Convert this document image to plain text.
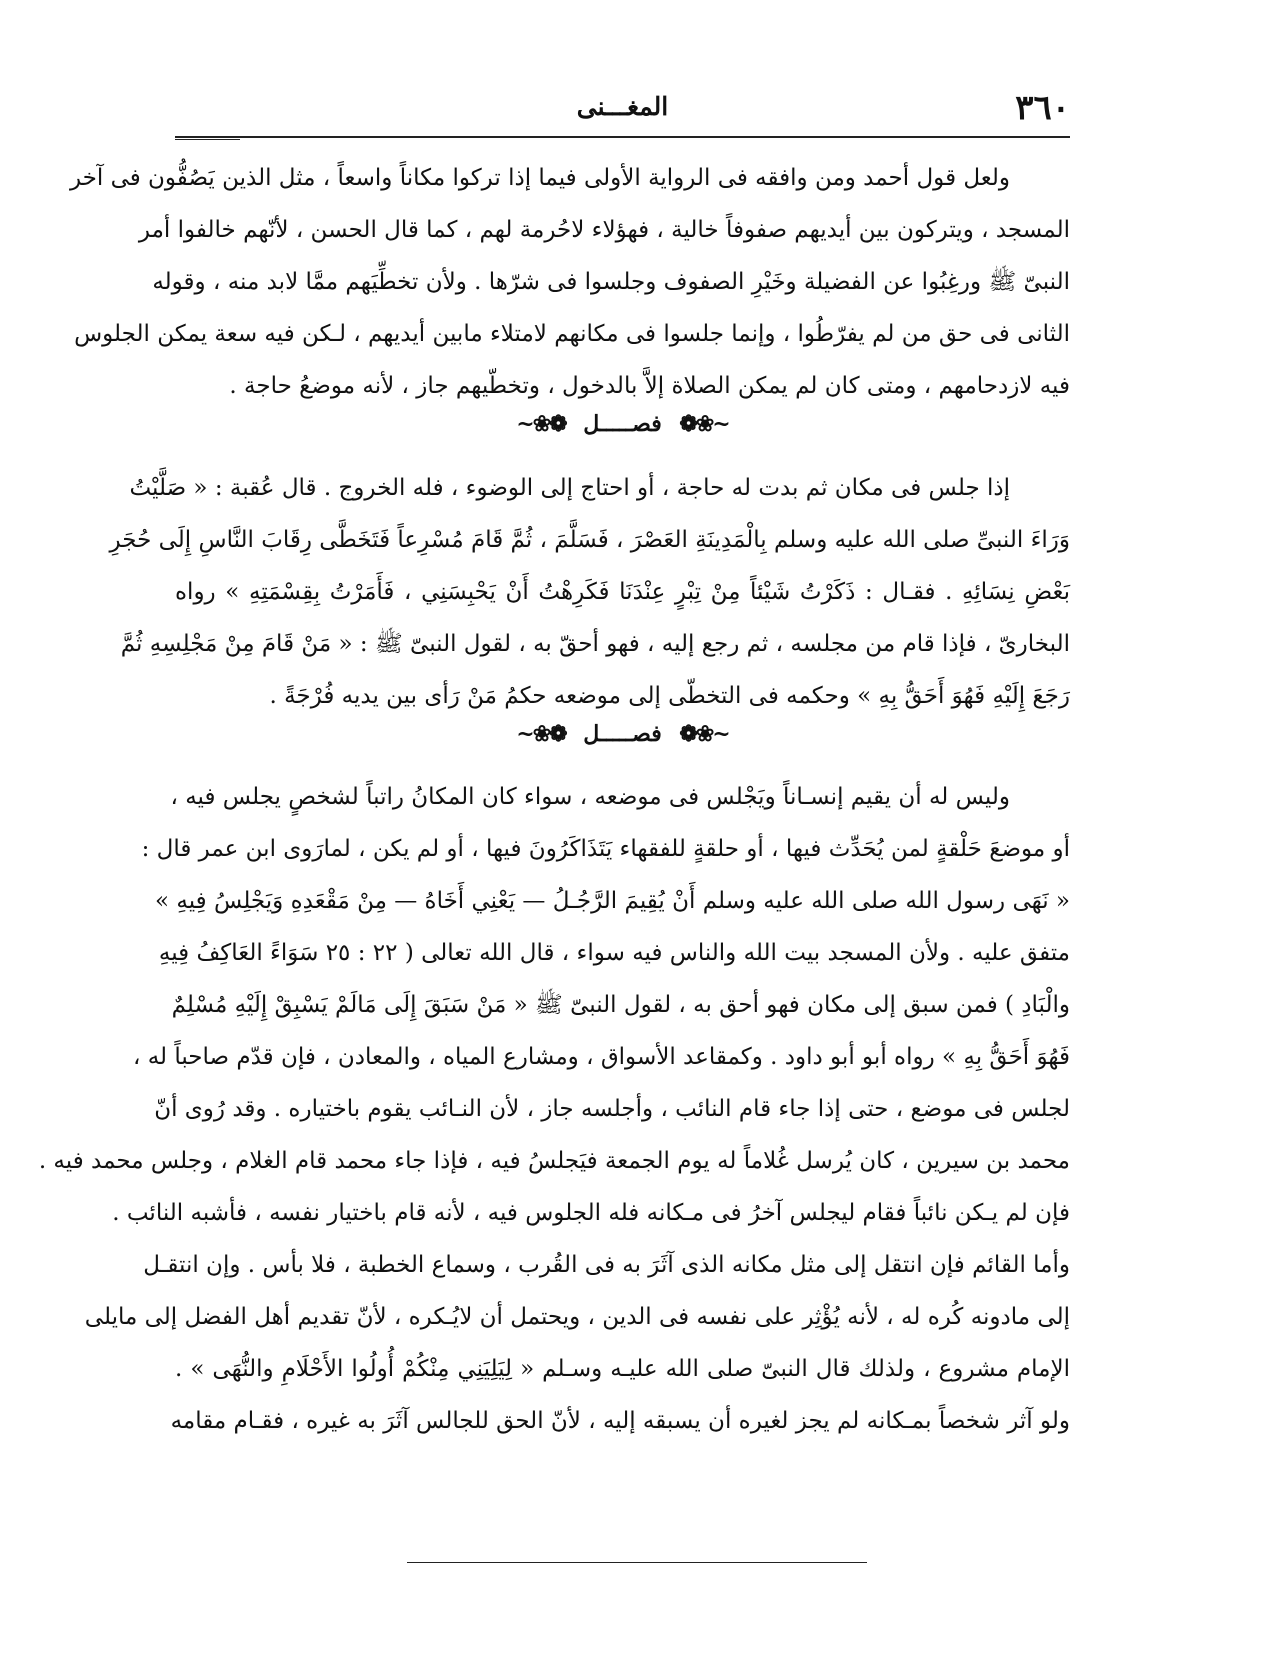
٣٦٠
المغـــنى
ولعل قول أحمد ومن وافقه فى الرواية الأولى فيما إذا تركوا مكاناً واسعاً ، مثل الذين يَصُفُّون فى آخر
المسجد ، ويتركون بين أيديهم صفوفاً خالية ، فهؤلاء لاحُرمة لهم ، كما قال الحسن ، لأنّهم خالفوا أمر
النبىّ ﷺ ورغِبُوا عن الفضيلة وخَيْرِ الصفوف وجلسوا فى شرّها . ولأن تخطِّيَهم ممَّا لابد منه ، وقوله
الثانى فى حق من لم يفرّطُوا ، وإنما جلسوا فى مكانهم لامتلاء مابين أيديهم ، لـكن فيه سعة يمكن الجلوس
فيه لازدحامهم ، ومتى كان لم يمكن الصلاة إلاَّ بالدخول ، وتخطّيهم جاز ، لأنه موضعُ حاجة .
~❀❁ فصـــــل ❁❀~
إذا جلس فى مكان ثم بدت له حاجة ، أو احتاج إلى الوضوء ، فله الخروج . قال عُقبة : « صَلَّيْتُ
وَرَاءَ النبىِّ صلى الله عليه وسلم بِالْمَدِينَةِ العَصْرَ ، فَسَلَّمَ ، ثُمَّ قَامَ مُسْرِعاً فَتَخَطَّى رِقَابَ النَّاسِ إِلَى حُجَرِ
بَعْضِ نِسَائِهِ . فقـال : ذَكَرْتُ شَيْئاً مِنْ تِبْرٍ عِنْدَنَا فَكَرِهْتُ أَنْ يَحْبِسَنِي ، فَأَمَرْتُ بِقِسْمَتِهِ » رواه
البخارىّ ، فإذا قام من مجلسه ، ثم رجع إليه ، فهو أحقّ به ، لقول النبىّ ﷺ : « مَنْ قَامَ مِنْ مَجْلِسِهِ ثُمَّ
رَجَعَ إِلَيْهِ فَهُوَ أَحَقُّ بِهِ » وحكمه فى التخطّى إلى موضعه حكمُ مَنْ رَأى بين يديه فُرْجَةً .
~❀❁ فصـــــل ❁❀~
وليس له أن يقيم إنسـاناً ويَجْلس فى موضعه ، سواء كان المكانُ راتباً لشخصٍ يجلس فيه ،
أو موضعَ حَلْقةٍ لمن يُحَدِّث فيها ، أو حلقةٍ للفقهاء يَتَذَاكَرُونَ فيها ، أو لم يكن ، لمارَوى ابن عمر قال :
« نَهَى رسول الله صلى الله عليه وسلم أَنْ يُقِيمَ الرَّجُـلُ — يَعْنِي أَخَاهُ — مِنْ مَقْعَدِهِ وَيَجْلِسُ فِيهِ »
متفق عليه . ولأن المسجد بيت الله والناس فيه سواء ، قال الله تعالى ( ٢٢ : ٢٥ سَوَاءً العَاكِفُ فِيهِ
والْبَادِ ) فمن سبق إلى مكان فهو أحق به ، لقول النبىّ ﷺ « مَنْ سَبَقَ إِلَى مَالَمْ يَسْبِقْ إِلَيْهِ مُسْلِمٌ
فَهُوَ أَحَقُّ بِهِ » رواه أبو أبو داود . وكمقاعد الأسواق ، ومشارع المياه ، والمعادن ، فإن قدّم صاحباً له ،
لجلس فى موضع ، حتى إذا جاء قام النائب ، وأجلسه جاز ، لأن النـائب يقوم باختياره . وقد رُوى أنّ
محمد بن سيرين ، كان يُرسل غُلاماً له يوم الجمعة فيَجلسُ فيه ، فإذا جاء محمد قام الغلام ، وجلس محمد فيه .
فإن لم يـكن نائباً فقام ليجلس آخرُ فى مـكانه فله الجلوس فيه ، لأنه قام باختيار نفسه ، فأشبه النائب .
وأما القائم فإن انتقل إلى مثل مكانه الذى آثَرَ به فى القُرب ، وسماع الخطبة ، فلا بأس . وإن انتقـل
إلى مادونه كُره له ، لأنه يُؤْثِر على نفسه فى الدين ، ويحتمل أن لايُـكره ، لأنّ تقديم أهل الفضل إلى مايلى
الإمام مشروع ، ولذلك قال النبىّ صلى الله عليـه وسـلم « لِيَلِيَنِي مِنْكُمْ أُولُوا الأَحْلَامِ والنُّهَى » .
ولو آثر شخصاً بمـكانه لم يجز لغيره أن يسبقه إليه ، لأنّ الحق للجالس آثَرَ به غيره ، فقـام مقامه
